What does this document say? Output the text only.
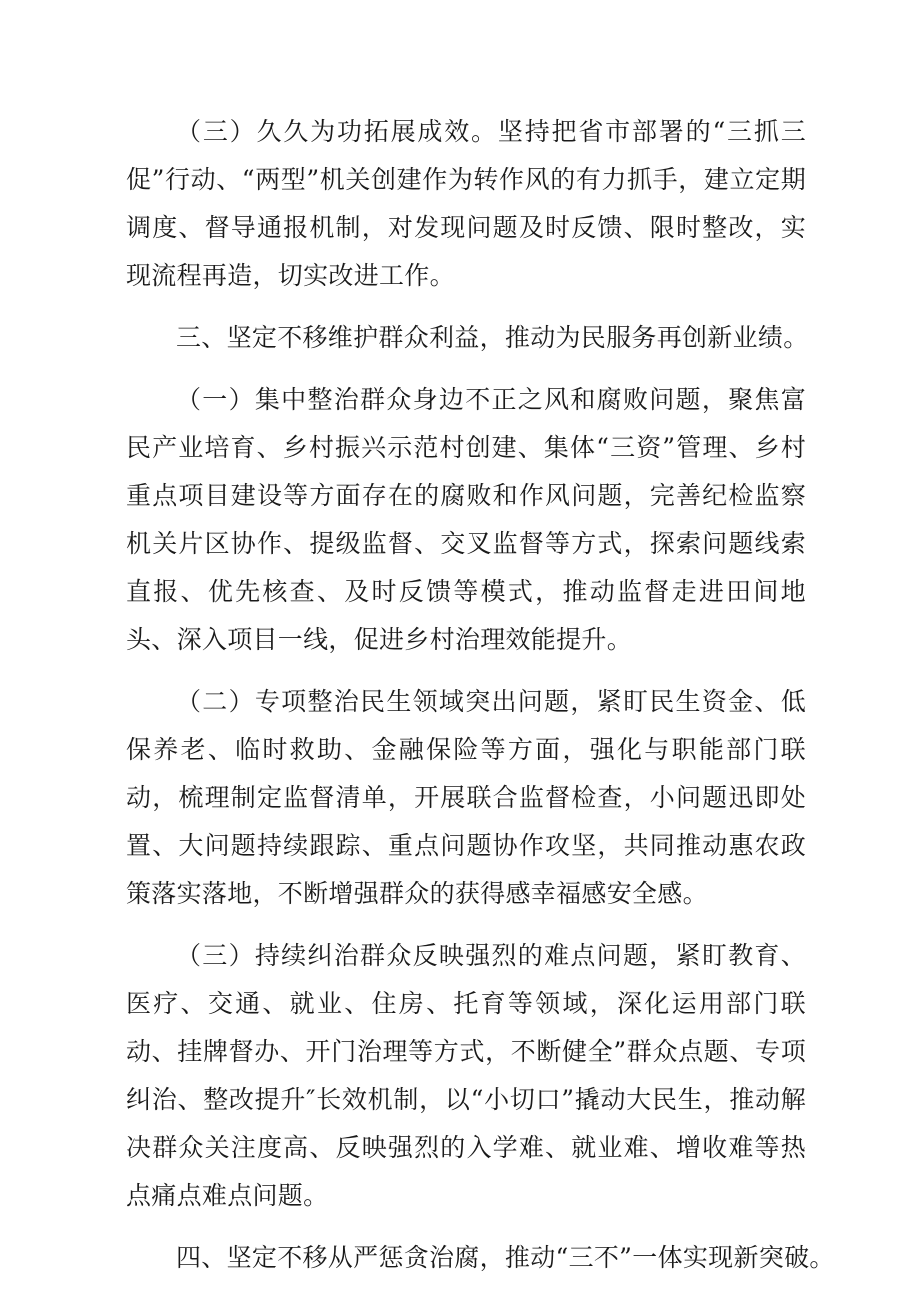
（三）久久为功拓展成效。坚持把省市部署的“三抓三促”行动、“两型”机关创建作为转作风的有力抓手，建立定期调度、督导通报机制，对发现问题及时反馈、限时整改，实现流程再造，切实改进工作。

三、坚定不移维护群众利益，推动为民服务再创新业绩。

（一）集中整治群众身边不正之风和腐败问题，聚焦富民产业培育、乡村振兴示范村创建、集体“三资”管理、乡村重点项目建设等方面存在的腐败和作风问题，完善纪检监察机关片区协作、提级监督、交叉监督等方式，探索问题线索直报、优先核查、及时反馈等模式，推动监督走进田间地头、深入项目一线，促进乡村治理效能提升。

（二）专项整治民生领域突出问题，紧盯民生资金、低保养老、临时救助、金融保险等方面，强化与职能部门联动，梳理制定监督清单，开展联合监督检查，小问题迅即处置、大问题持续跟踪、重点问题协作攻坚，共同推动惠农政策落实落地，不断增强群众的获得感幸福感安全感。

（三）持续纠治群众反映强烈的难点问题，紧盯教育、医疗、交通、就业、住房、托育等领域，深化运用部门联动、挂牌督办、开门治理等方式，不断健全”群众点题、专项纠治、整改提升″长效机制，以“小切口”撬动大民生，推动解决群众关注度高、反映强烈的入学难、就业难、增收难等热点痛点难点问题。

四、坚定不移从严惩贪治腐，推动“三不”一体实现新突破。
